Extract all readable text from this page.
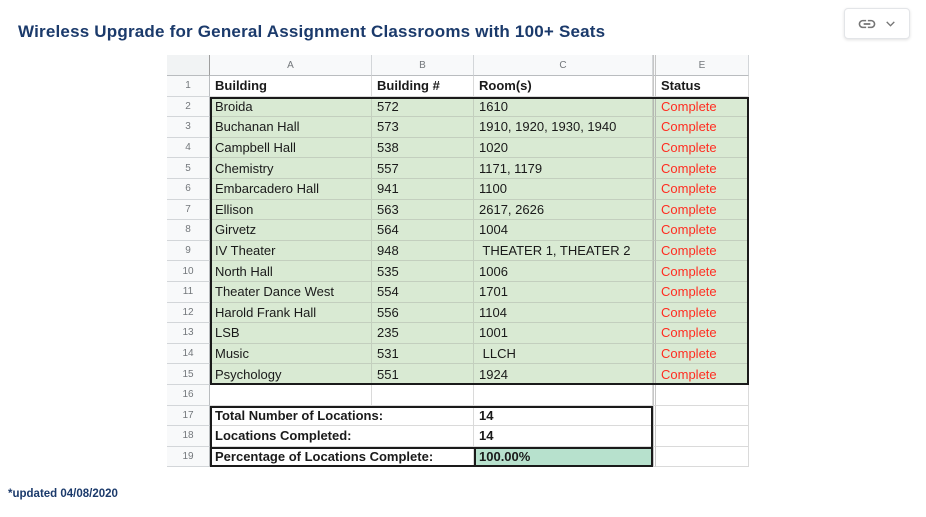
Wireless Upgrade for General Assignment Classrooms with 100+ Seats
A	B	C	E
1	Building	Building #	Room(s)	Status
2	Broida	572	1610	Complete
3	Buchanan Hall	573	1910, 1920, 1930, 1940	Complete
4	Campbell Hall	538	1020	Complete
5	Chemistry	557	1171, 1179	Complete
6	Embarcadero Hall	941	1100	Complete
7	Ellison	563	2617, 2626	Complete
8	Girvetz	564	1004	Complete
9	IV Theater	948	THEATER 1, THEATER 2	Complete
10	North Hall	535	1006	Complete
11	Theater Dance West	554	1701	Complete
12	Harold Frank Hall	556	1104	Complete
13	LSB	235	1001	Complete
14	Music	531	LLCH	Complete
15	Psychology	551	1924	Complete
16
17	Total Number of Locations:	14
18	Locations Completed:	14
19	Percentage of Locations Complete:	100.00%
*updated 04/08/2020
